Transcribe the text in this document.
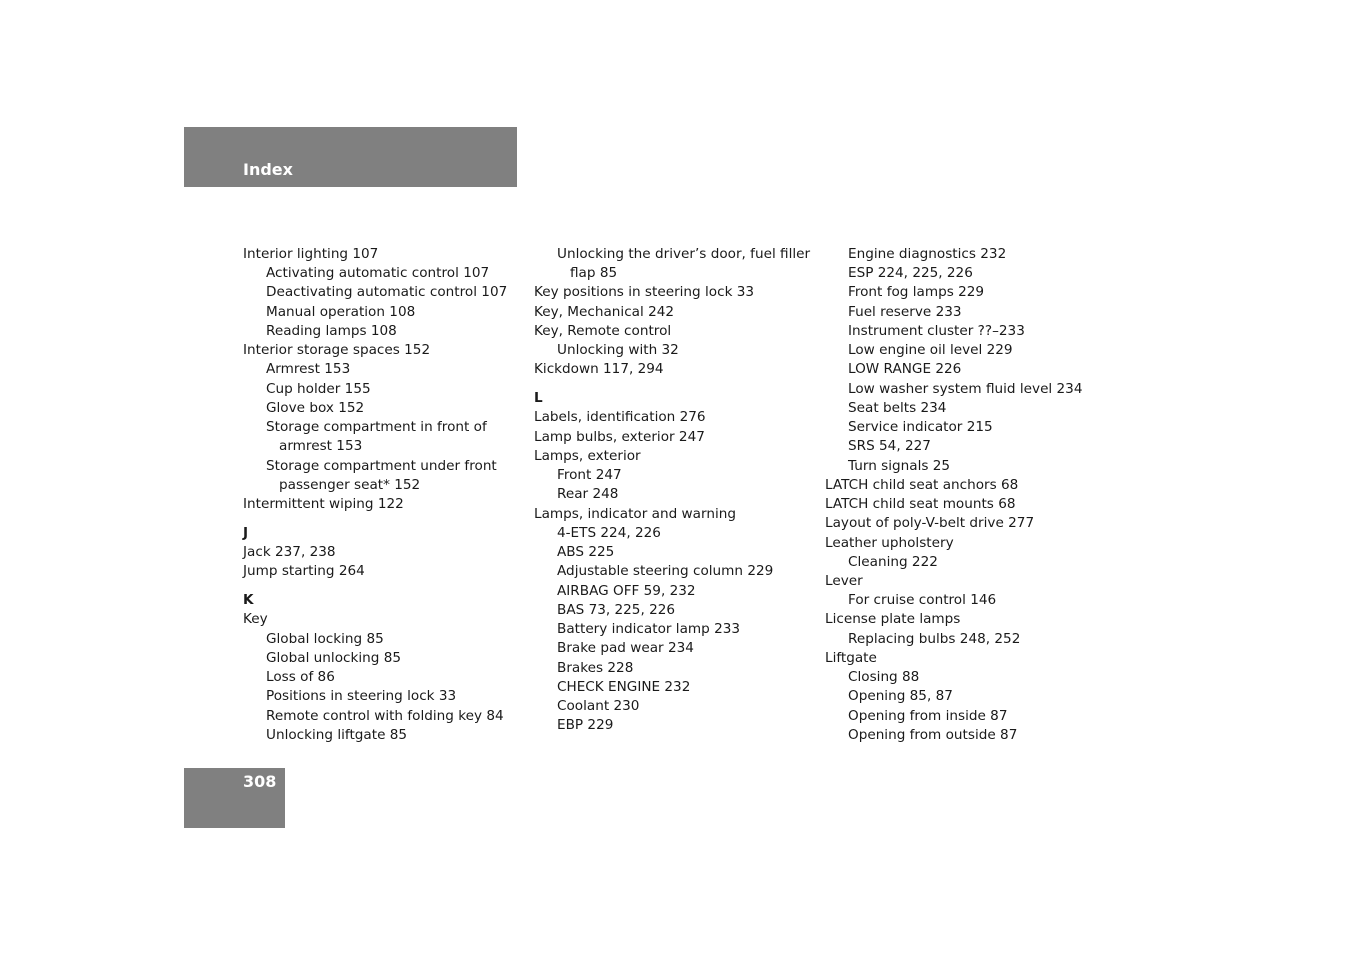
Index

Interior lighting 107

Activating automatic control 107

Deactivating automatic control 107

Manual operation 108

Reading lamps 108

Interior storage spaces 152

Armrest 153

Cup holder 155

Glove box 152

Storage compartment in front of

armrest 153

Storage compartment under front

passenger seat* 152

Intermittent wiping 122

J

Jack 237, 238

Jump starting 264

K

Key

Global locking 85

Global unlocking 85

Loss of 86

Positions in steering lock 33

Remote control with folding key 84

Unlocking liftgate 85

Unlocking the driver’s door, fuel filler

flap 85

Key positions in steering lock 33

Key, Mechanical 242

Key, Remote control

Unlocking with 32

Kickdown 117, 294

L

Labels, identification 276

Lamp bulbs, exterior 247

Lamps, exterior

Front 247

Rear 248

Lamps, indicator and warning

4-ETS 224, 226

ABS 225

Adjustable steering column 229

AIRBAG OFF 59, 232

BAS 73, 225, 226

Battery indicator lamp 233

Brake pad wear 234

Brakes 228

CHECK ENGINE 232

Coolant 230

EBP 229

Engine diagnostics 232

ESP 224, 225, 226

Front fog lamps 229

Fuel reserve 233

Instrument cluster ??–233

Low engine oil level 229

LOW RANGE 226

Low washer system fluid level 234

Seat belts 234

Service indicator 215

SRS 54, 227

Turn signals 25

LATCH child seat anchors 68

LATCH child seat mounts 68

Layout of poly-V-belt drive 277

Leather upholstery

Cleaning 222

Lever

For cruise control 146

License plate lamps

Replacing bulbs 248, 252

Liftgate

Closing 88

Opening 85, 87

Opening from inside 87

Opening from outside 87

308
